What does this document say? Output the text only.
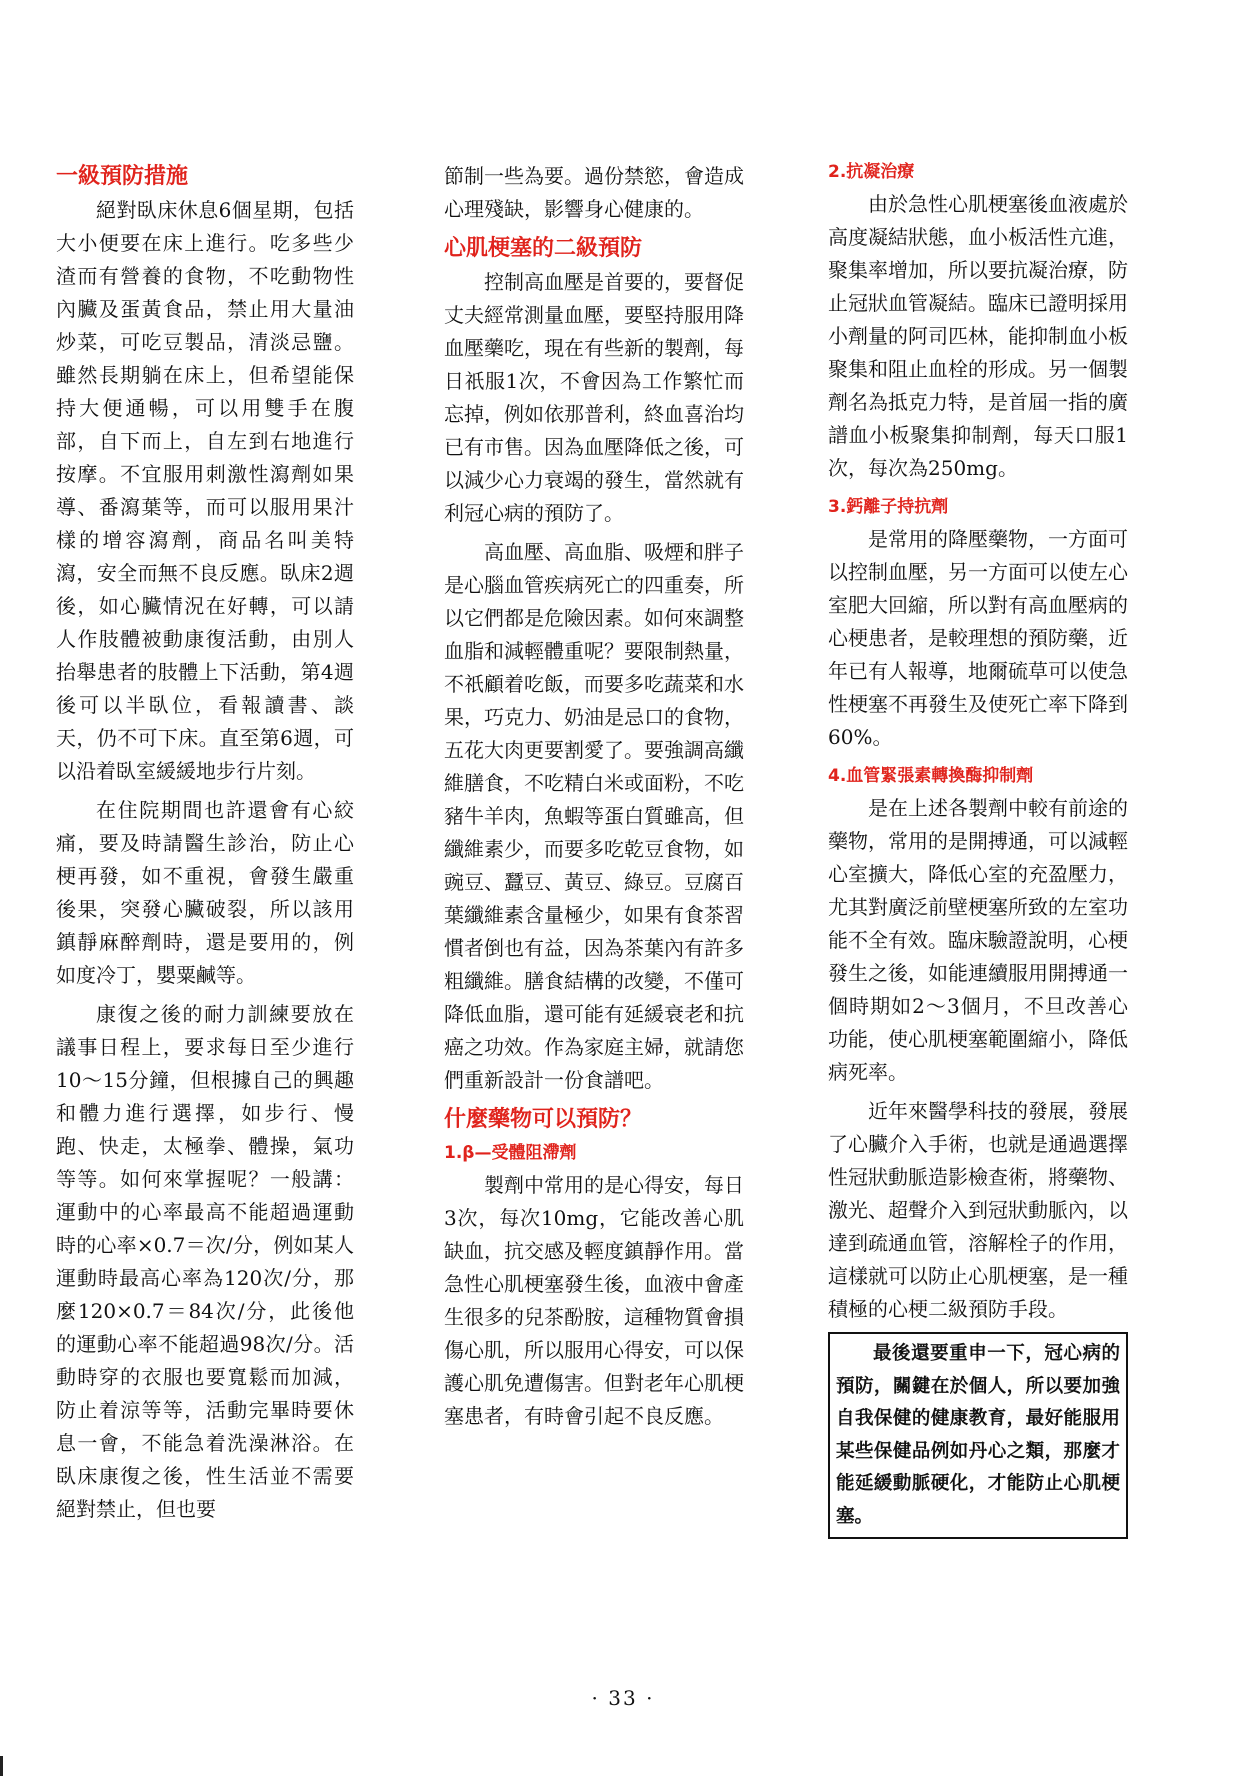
一級預防措施

絕對臥床休息6個星期，包括大小便要在床上進行。吃多些少渣而有營養的食物，不吃動物性內臟及蛋黃食品，禁止用大量油炒菜，可吃豆製品，清淡忌鹽。雖然長期躺在床上，但希望能保持大便通暢，可以用雙手在腹部，自下而上，自左到右地進行按摩。不宜服用刺激性瀉劑如果導、番瀉葉等，而可以服用果汁樣的增容瀉劑，商品名叫美特瀉，安全而無不良反應。臥床2週後，如心臟情況在好轉，可以請人作肢體被動康復活動，由別人抬舉患者的肢體上下活動，第4週後可以半臥位，看報讀書、談天，仍不可下床。直至第6週，可以沿着臥室緩緩地步行片刻。

在住院期間也許還會有心絞痛，要及時請醫生診治，防止心梗再發，如不重視，會發生嚴重後果，突發心臟破裂，所以該用鎮靜麻醉劑時，還是要用的，例如度冷丁，嬰粟鹹等。

康復之後的耐力訓練要放在議事日程上，要求每日至少進行10～15分鐘，但根據自己的興趣和體力進行選擇，如步行、慢跑、快走，太極拳、體操，氣功等等。如何來掌握呢？一般講：運動中的心率最高不能超過運動時的心率×0.7＝次/分，例如某人運動時最高心率為120次/分，那麼120×0.7＝84次/分，此後他的運動心率不能超過98次/分。活動時穿的衣服也要寬鬆而加減，防止着涼等等，活動完畢時要休息一會，不能急着洗澡淋浴。在臥床康復之後，性生活並不需要絕對禁止，但也要

節制一些為要。過份禁慾，會造成心理殘缺，影響身心健康的。

心肌梗塞的二級預防

控制高血壓是首要的，要督促丈夫經常測量血壓，要堅持服用降血壓藥吃，現在有些新的製劑，每日祇服1次，不會因為工作繁忙而忘掉，例如依那普利，終血喜治均已有市售。因為血壓降低之後，可以減少心力衰竭的發生，當然就有利冠心病的預防了。

高血壓、高血脂、吸煙和胖子是心腦血管疾病死亡的四重奏，所以它們都是危險因素。如何來調整血脂和減輕體重呢？要限制熱量，不祇顧着吃飯，而要多吃蔬菜和水果，巧克力、奶油是忌口的食物，五花大肉更要割愛了。要強調高纖維膳食，不吃精白米或面粉，不吃豬牛羊肉，魚蝦等蛋白質雖高，但纖維素少，而要多吃乾豆食物，如豌豆、蠶豆、黃豆、綠豆。豆腐百葉纖維素含量極少，如果有食茶習慣者倒也有益，因為茶葉內有許多粗纖維。膳食結構的改變，不僅可降低血脂，還可能有延緩衰老和抗癌之功效。作為家庭主婦，就請您們重新設計一份食譜吧。

什麼藥物可以預防？
1.β—受體阻滯劑

製劑中常用的是心得安，每日3次，每次10mg，它能改善心肌缺血，抗交感及輕度鎮靜作用。當急性心肌梗塞發生後，血液中會產生很多的兒茶酚胺，這種物質會損傷心肌，所以服用心得安，可以保護心肌免遭傷害。但對老年心肌梗塞患者，有時會引起不良反應。

2.抗凝治療

由於急性心肌梗塞後血液處於高度凝結狀態，血小板活性亢進，聚集率增加，所以要抗凝治療，防止冠狀血管凝結。臨床已證明採用小劑量的阿司匹林，能抑制血小板聚集和阻止血栓的形成。另一個製劑名為抵克力特，是首屆一指的廣譜血小板聚集抑制劑，每天口服1次，每次為250mg。

3.鈣離子持抗劑

是常用的降壓藥物，一方面可以控制血壓，另一方面可以使左心室肥大回縮，所以對有高血壓病的心梗患者，是較理想的預防藥，近年已有人報導，地爾硫草可以使急性梗塞不再發生及使死亡率下降到60%。

4.血管緊張素轉換酶抑制劑

是在上述各製劑中較有前途的藥物，常用的是開搏通，可以減輕心室擴大，降低心室的充盈壓力，尤其對廣泛前壁梗塞所致的左室功能不全有效。臨床驗證說明，心梗發生之後，如能連續服用開搏通一個時期如2～3個月，不旦改善心功能，使心肌梗塞範圍縮小，降低病死率。

近年來醫學科技的發展，發展了心臟介入手術，也就是通過選擇性冠狀動脈造影檢查術，將藥物、激光、超聲介入到冠狀動脈內，以達到疏通血管，溶解栓子的作用，這樣就可以防止心肌梗塞，是一種積極的心梗二級預防手段。

最後還要重申一下，冠心病的預防，關鍵在於個人，所以要加強自我保健的健康教育，最好能服用某些保健品例如丹心之類，那麼才能延緩動脈硬化，才能防止心肌梗塞。
· 33 ·
